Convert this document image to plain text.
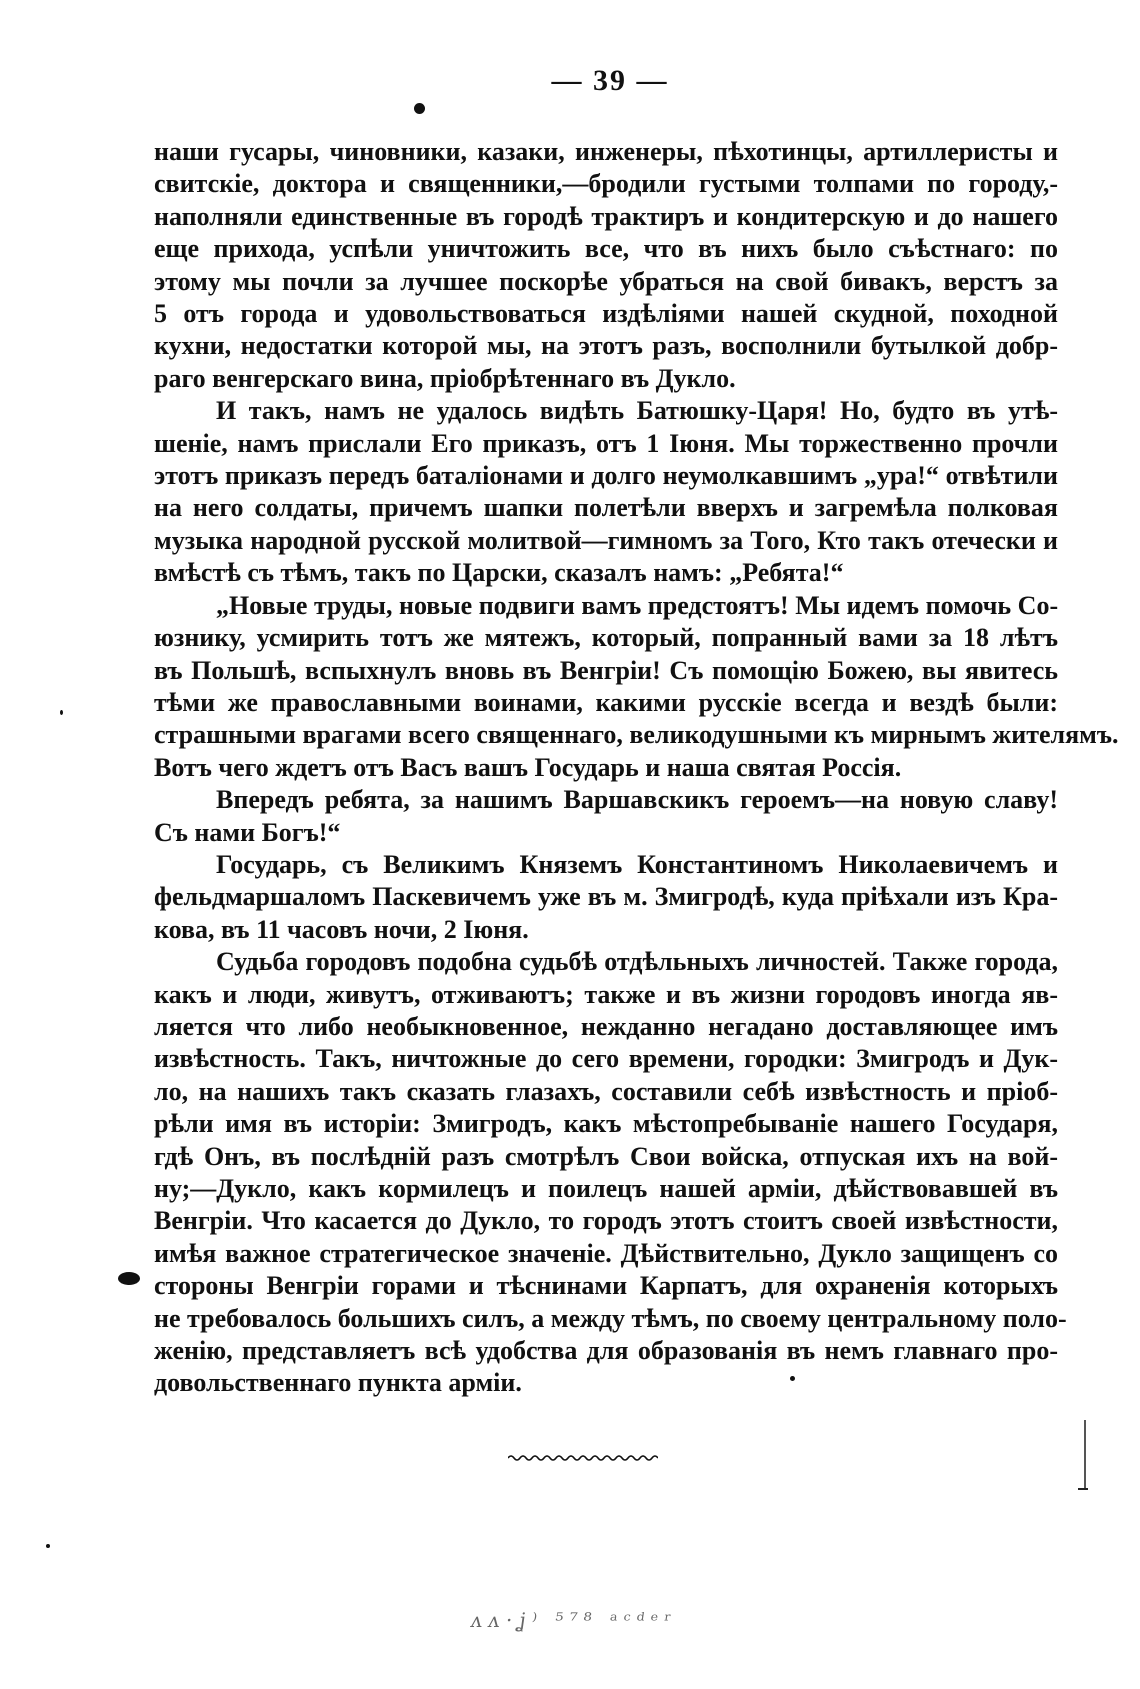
— 39 —
наши гусары, чиновники, казаки, инженеры, пѣхотинцы, артиллеристы и
свитскіе, доктора и священники,—бродили густыми толпами по городу,-
наполняли единственные въ городѣ трактиръ и кондитерскую и до нашего
еще прихода, успѣли уничтожить все, что въ нихъ было съѣстнаго: по
этому мы почли за лучшее поскорѣе убраться на свой бивакъ, верстъ за
5 отъ города и удовольствоваться издѣліями нашей скудной, походной
кухни, недостатки которой мы, на этотъ разъ, восполнили бутылкой добр-
раго венгерскаго вина, пріобрѣтеннаго въ Дукло.
И такъ, намъ не удалось видѣть Батюшку-Царя! Но, будто въ утѣ-
шеніе, намъ прислали Его приказъ, отъ 1 Іюня. Мы торжественно прочли
этотъ приказъ передъ баталіонами и долго неумолкавшимъ „ура!“ отвѣтили
на него солдаты, причемъ шапки полетѣли вверхъ и загремѣла полковая
музыка народной русской молитвой—гимномъ за Того, Кто такъ отечески и
вмѣстѣ съ тѣмъ, такъ по Царски, сказалъ намъ: „Ребята!“
„Новые труды, новые подвиги вамъ предстоятъ! Мы идемъ помочь Со-
юзнику, усмирить тотъ же мятежъ, который, попранный вами за 18 лѣтъ
въ Польшѣ, вспыхнулъ вновь въ Венгріи! Съ помощію Божею, вы явитесь
тѣми же православными воинами, какими русскіе всегда и вездѣ были:
страшными врагами всего священнаго, великодушными къ мирнымъ жителямъ.
Вотъ чего ждетъ отъ Васъ вашъ Государь и наша святая Россія.
Впередъ ребята, за нашимъ Варшавскикъ героемъ—на новую славу!
Съ нами Богъ!“
Государь, съ Великимъ Княземъ Константиномъ Николаевичемъ и
фельдмаршаломъ Паскевичемъ уже въ м. Змигродѣ, куда пріѣхали изъ Кра-
кова, въ 11 часовъ ночи, 2 Іюня.
Судьба городовъ подобна судьбѣ отдѣльныхъ личностей. Также города,
какъ и люди, живутъ, отживаютъ; также и въ жизни городовъ иногда яв-
ляется что либо необыкновенное, нежданно негадано доставляющее имъ
извѣстность. Такъ, ничтожные до сего времени, городки: Змигродъ и Дук-
ло, на нашихъ такъ сказать глазахъ, составили себѣ извѣстность и пріоб-
рѣли имя въ исторіи: Змигродъ, какъ мѣстопребываніе нашего Государя,
гдѣ Онъ, въ послѣдній разъ смотрѣлъ Свои войска, отпуская ихъ на вой-
ну;—Дукло, какъ кормилецъ и поилецъ нашей арміи, дѣйствовавшей въ
Венгріи. Что касается до Дукло, то городъ этотъ стоитъ своей извѣстности,
имѣя важное стратегическое значеніе. Дѣйствительно, Дукло защищенъ со
стороны Венгріи горами и тѣснинами Карпатъ, для охраненія которыхъ
не требовалось большихъ силъ, а между тѣмъ, по своему центральному поло-
женію, представляетъ всѣ удобства для образованія въ немъ главнаго про-
довольственнаго пункта арміи.
ʌʌ⋅ʝ⁾ ⁵⁷⁸ ᵃᶜᵈᵉʳ
